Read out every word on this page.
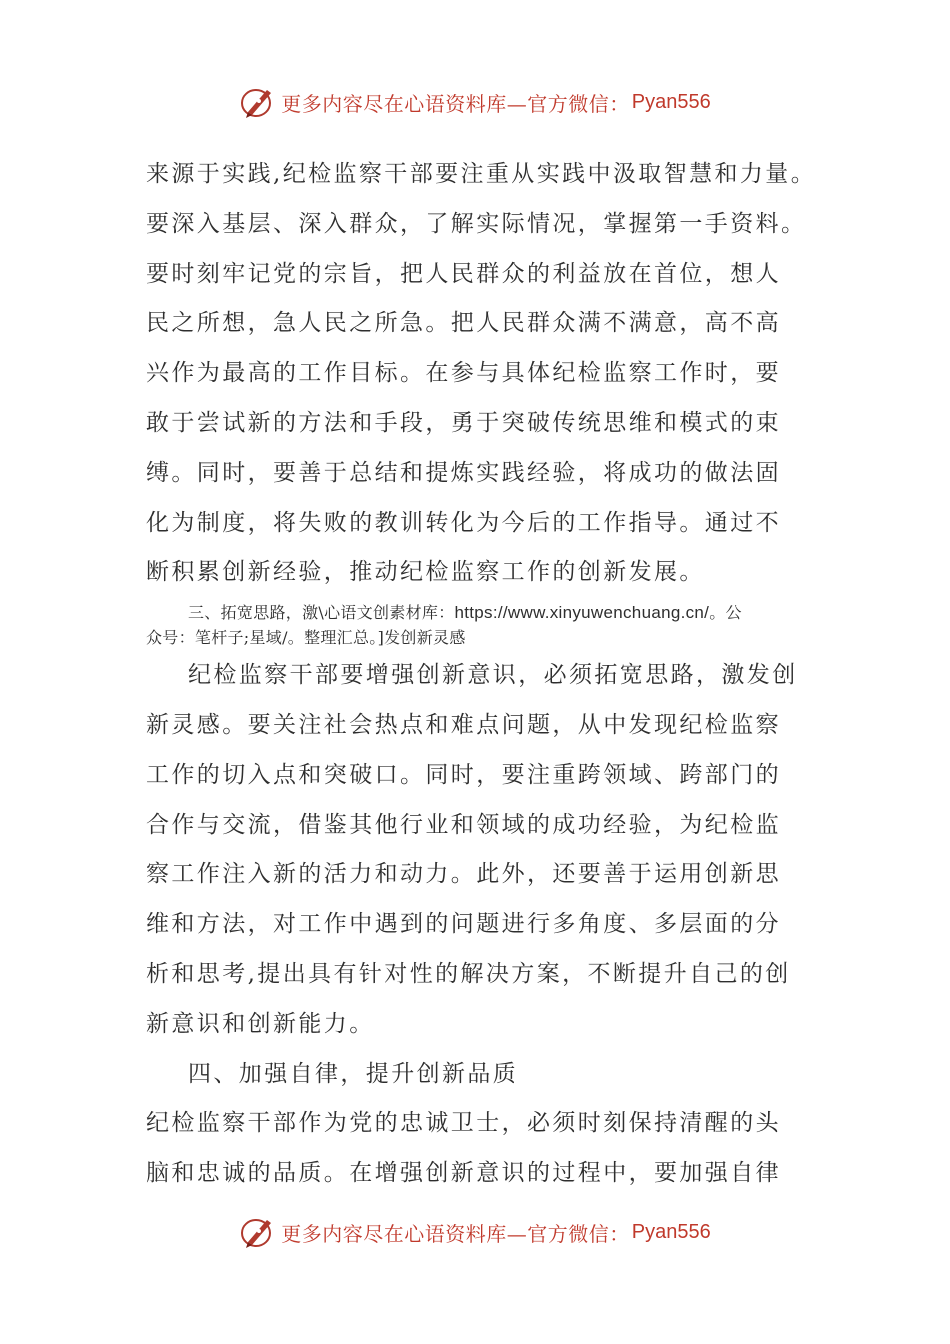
更多内容尽在心语资料库—官方微信： Pyan556
来源于实践,纪检监察干部要注重从实践中汲取智慧和力量。
要深入基层、深入群众，了解实际情况，掌握第一手资料。
要时刻牢记党的宗旨，把人民群众的利益放在首位，想人
民之所想，急人民之所急。把人民群众满不满意，高不高
兴作为最高的工作目标。在参与具体纪检监察工作时，要
敢于尝试新的方法和手段，勇于突破传统思维和模式的束
缚。同时，要善于总结和提炼实践经验，将成功的做法固
化为制度，将失败的教训转化为今后的工作指导。通过不
断积累创新经验，推动纪检监察工作的创新发展。
三、拓宽思路，激\心语文创素材库：https://www.xinyuwenchuang.cn/。公
众号：笔杆子;星域/。整理汇总。]发创新灵感
纪检监察干部要增强创新意识，必须拓宽思路，激发创
新灵感。要关注社会热点和难点问题，从中发现纪检监察
工作的切入点和突破口。同时，要注重跨领域、跨部门的
合作与交流，借鉴其他行业和领域的成功经验，为纪检监
察工作注入新的活力和动力。此外，还要善于运用创新思
维和方法，对工作中遇到的问题进行多角度、多层面的分
析和思考,提出具有针对性的解决方案，不断提升自己的创
新意识和创新能力。
四、加强自律，提升创新品质
纪检监察干部作为党的忠诚卫士，必须时刻保持清醒的头
脑和忠诚的品质。在增强创新意识的过程中，要加强自律
更多内容尽在心语资料库—官方微信： Pyan556
